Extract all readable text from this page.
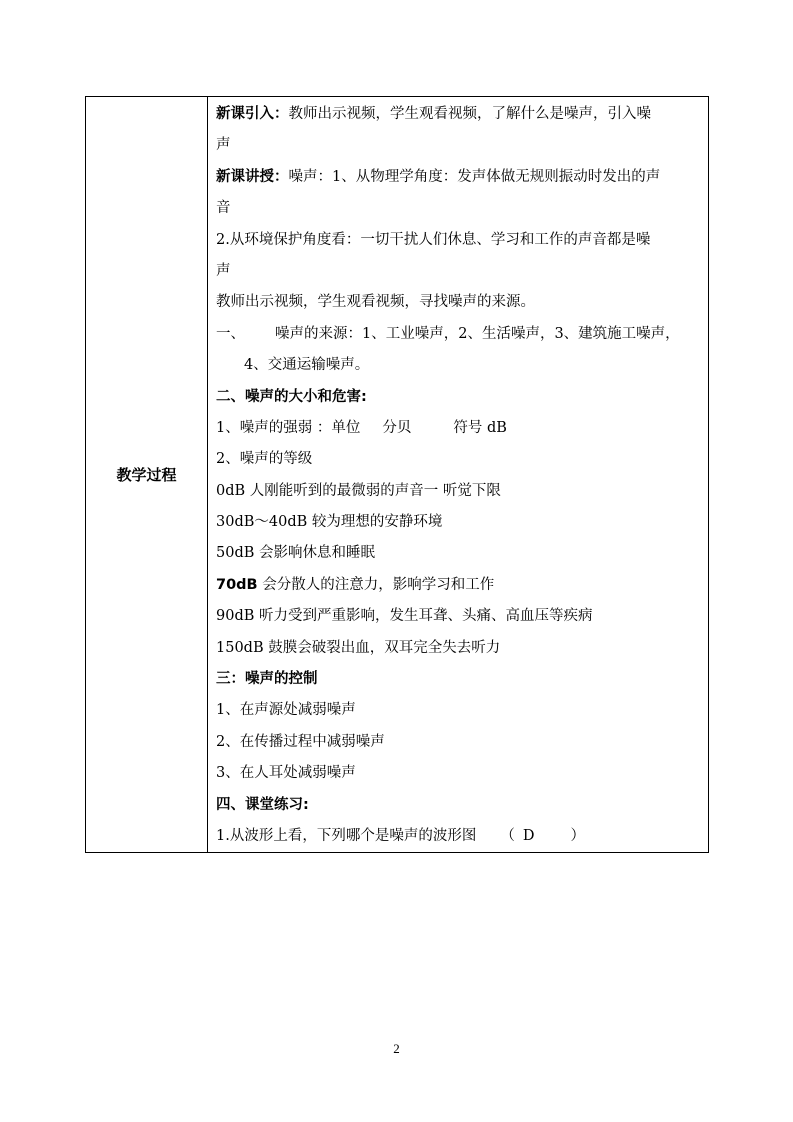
教学过程	
新课引入：教师出示视频，学生观看视频，了解什么是噪声，引入噪
声
新课讲授：噪声：1、从物理学角度：发声体做无规则振动时发出的声
音
2.从环境保护角度看：一切干扰人们休息、学习和工作的声音都是噪
声
教师出示视频，学生观看视频，寻找噪声的来源。
一、 噪声的来源：1、工业噪声，2、生活噪声，3、建筑施工噪声，
4、交通运输噪声。
二、噪声的大小和危害:
1、噪声的强弱 ：单位 分贝	符号 dB
2、噪声的等级
0dB 人刚能听到的最微弱的声音一 听觉下限
30dB～40dB 较为理想的安静环境
50dB 会影响休息和睡眠
70dB 会分散人的注意力，影响学习和工作
90dB 听力受到严重影响，发生耳聋、头痛、高血压等疾病
150dB 鼓膜会破裂出血，双耳完全失去听力
三：噪声的控制
1、在声源处减弱噪声
2、在传播过程中减弱噪声
3、在人耳处减弱噪声
四、课堂练习:
1.从波形上看，下列哪个是噪声的波形图 （ D ）
2
